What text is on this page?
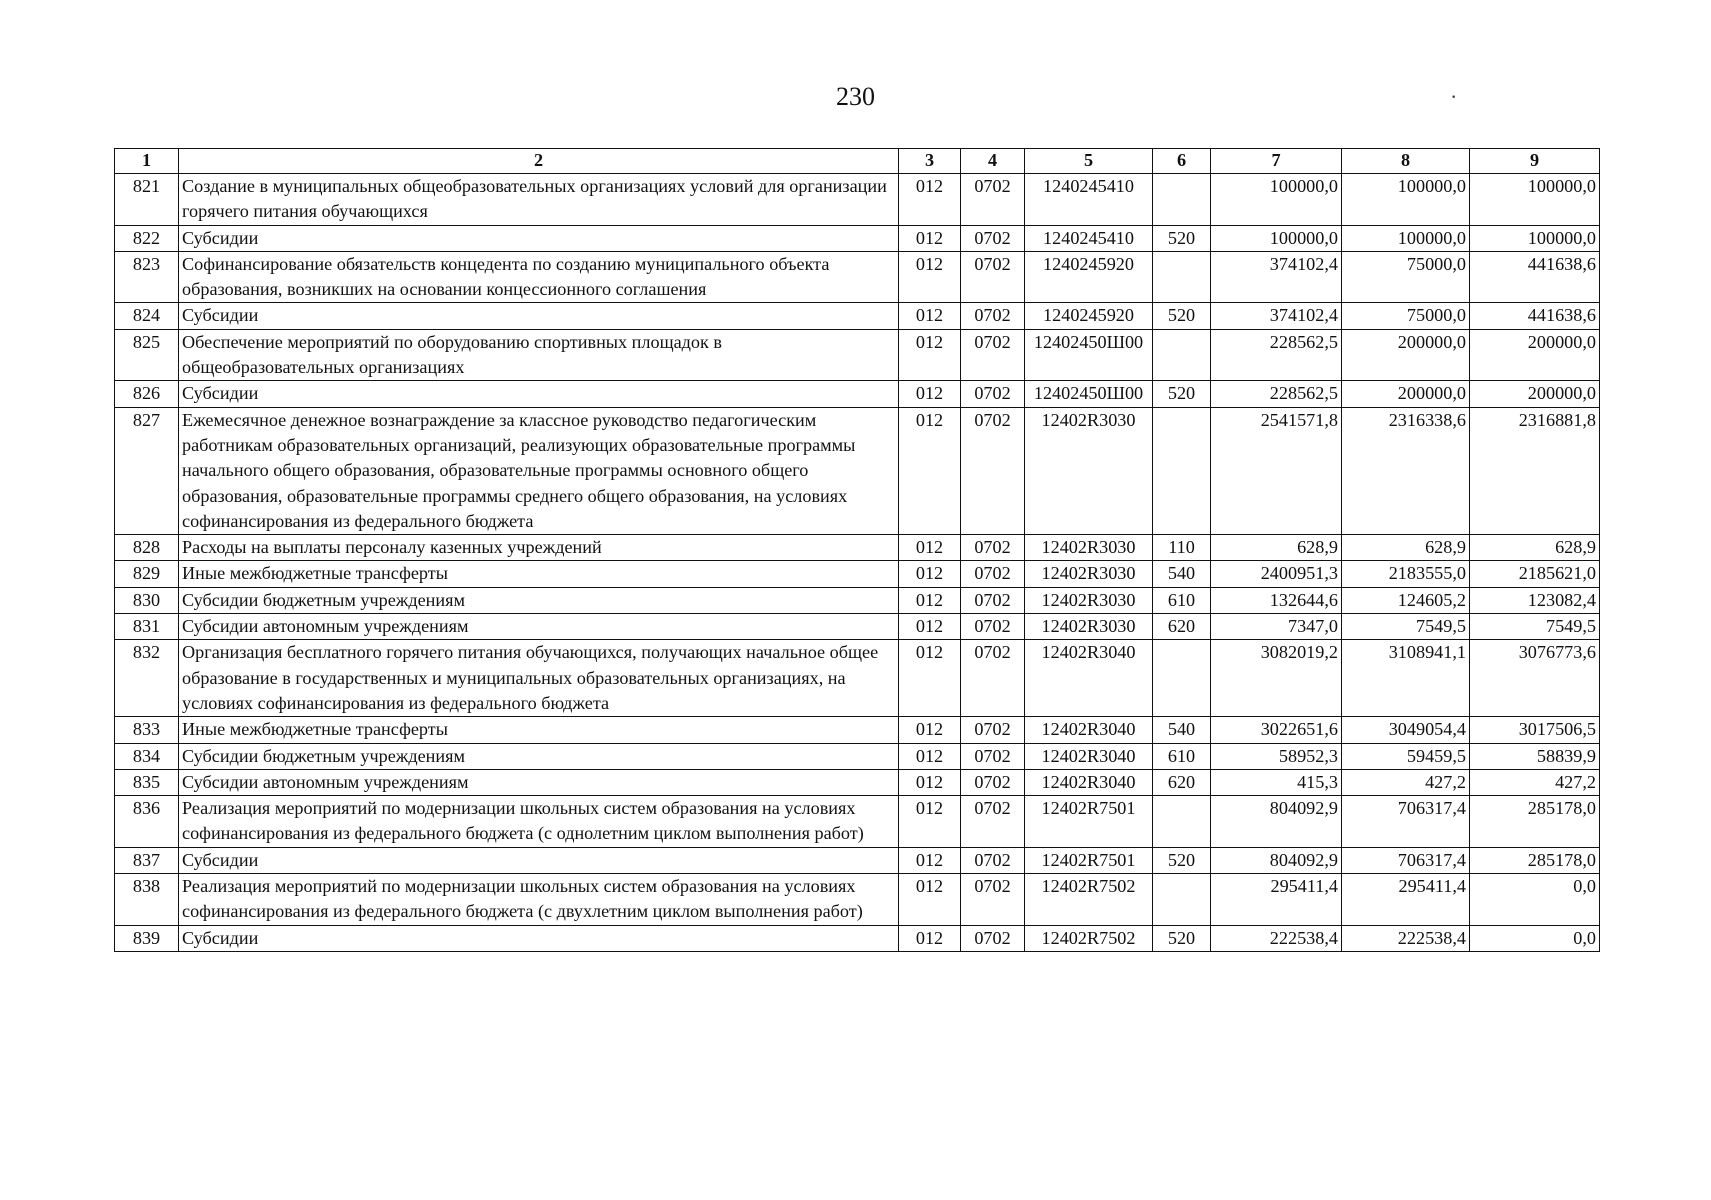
230	·
1	2	3	4	5	6	7	8	9
821	Создание в муниципальных общеобразовательных организациях условий для организации горячего питания обучающихся	012	0702	1240245410		100000,0	100000,0	100000,0
822	Субсидии	012	0702	1240245410	520	100000,0	100000,0	100000,0
823	Софинансирование обязательств концедента по созданию муниципального объекта образования, возникших на основании концессионного соглашения	012	0702	1240245920		374102,4	75000,0	441638,6
824	Субсидии	012	0702	1240245920	520	374102,4	75000,0	441638,6
825	Обеспечение мероприятий по оборудованию спортивных площадок в общеобразовательных организациях	012	0702	12402450Ш00		228562,5	200000,0	200000,0
826	Субсидии	012	0702	12402450Ш00	520	228562,5	200000,0	200000,0
827	Ежемесячное денежное вознаграждение за классное руководство педагогическим работникам образовательных организаций, реализующих образовательные программы начального общего образования, образовательные программы основного общего образования, образовательные программы среднего общего образования, на условиях софинансирования из федерального бюджета	012	0702	12402R3030		2541571,8	2316338,6	2316881,8
828	Расходы на выплаты персоналу казенных учреждений	012	0702	12402R3030	110	628,9	628,9	628,9
829	Иные межбюджетные трансферты	012	0702	12402R3030	540	2400951,3	2183555,0	2185621,0
830	Субсидии бюджетным учреждениям	012	0702	12402R3030	610	132644,6	124605,2	123082,4
831	Субсидии автономным учреждениям	012	0702	12402R3030	620	7347,0	7549,5	7549,5
832	Организация бесплатного горячего питания обучающихся, получающих начальное общее образование в государственных и муниципальных образовательных организациях, на условиях софинансирования из федерального бюджета	012	0702	12402R3040		3082019,2	3108941,1	3076773,6
833	Иные межбюджетные трансферты	012	0702	12402R3040	540	3022651,6	3049054,4	3017506,5
834	Субсидии бюджетным учреждениям	012	0702	12402R3040	610	58952,3	59459,5	58839,9
835	Субсидии автономным учреждениям	012	0702	12402R3040	620	415,3	427,2	427,2
836	Реализация мероприятий по модернизации школьных систем образования на условиях софинансирования из федерального бюджета (с однолетним циклом выполнения работ)	012	0702	12402R7501		804092,9	706317,4	285178,0
837	Субсидии	012	0702	12402R7501	520	804092,9	706317,4	285178,0
838	Реализация мероприятий по модернизации школьных систем образования на условиях софинансирования из федерального бюджета (с двухлетним циклом выполнения работ)	012	0702	12402R7502		295411,4	295411,4	0,0
839	Субсидии	012	0702	12402R7502	520	222538,4	222538,4	0,0
